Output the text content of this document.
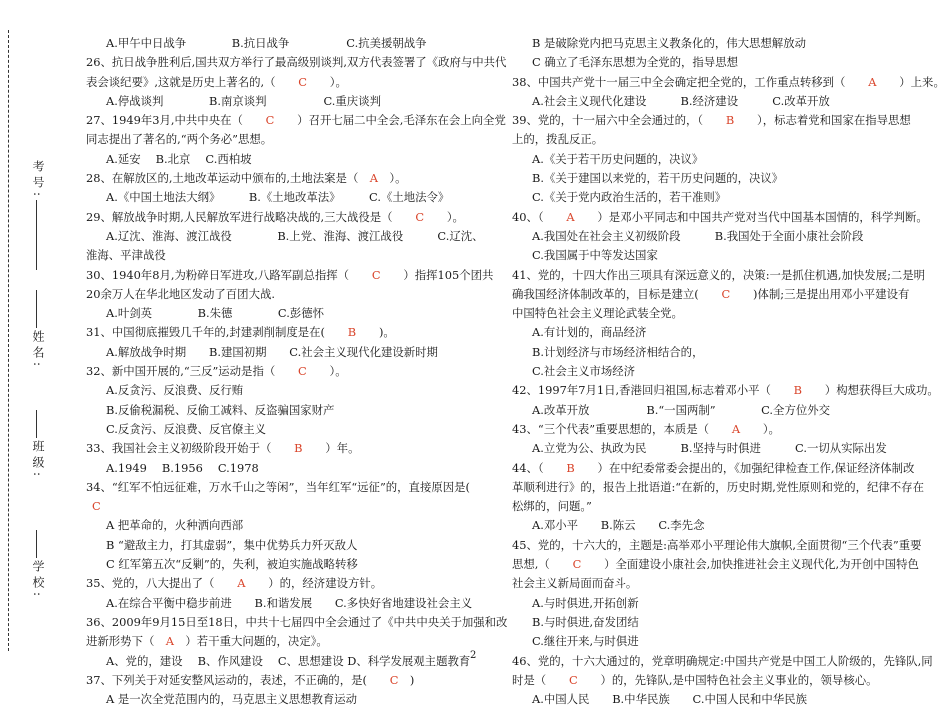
考号:
姓名:
班级:
学校:
A.甲午中日战争　　　　B.抗日战争　　　　　C.抗美援朝战争
26、抗日战争胜利后,国共双方举行了最高级别谈判,双方代表签署了《政府与中共代
表会谈纪要》,这就是历史上著名的,（　　C　　）。
A.停战谈判　　　　B.南京谈判　　　　　C.重庆谈判
27、1949年3月,中共中央在（　　C　　）召开七届二中全会,毛泽东在会上向全党
同志提出了著名的,“两个务必”思想。
A.延安　 B.北京　 C.西柏坡
28、在解放区的,土地改革运动中颁布的,土地法案是（　A　）。
A.《中国土地法大纲》　　　B.《土地改革法》　　　C.《土地法令》
29、解放战争时期,人民解放军进行战略决战的,三大战役是（　　C　　）。
A.辽沈、淮海、渡江战役　　　　B.上党、淮海、渡江战役　　　C.辽沈、
淮海、平津战役
30、1940年8月,为粉碎日军进攻,八路军副总指挥（　　C　　）指挥105个团共
20余万人在华北地区发动了百团大战.
A.叶剑英　　　　B.朱德　　　　C.彭德怀
31、中国彻底摧毁几千年的,封建剥削制度是在(　　B　　)。
A.解放战争时期　　B.建国初期　　C.社会主义现代化建设新时期
32、新中国开展的,“三反”运动是指（　　C　　）。
A.反贪污、反浪费、反行贿
B.反偷税漏税、反偷工减料、反盗骗国家财产
C.反贪污、反浪费、反官僚主义
33、我国社会主义初级阶段开始于（　　B　　）年。
A.1949　 B.1956　 C.1978
34、“红军不怕远征难，万水千山之等闲”，当年红军“远征”的，直接原因是(
C
A 把革命的，火种洒向西部
B “避敌主力，打其虚弱”，集中优势兵力歼灭敌人
C 红军第五次“反剿”的，失利，被迫实施战略转移
35、党的，八大提出了（　　A　　）的，经济建设方针。
A.在综合平衡中稳步前进　　B.和谐发展　　C.多快好省地建设社会主义
36、2009年9月15日至18日，中共十七届四中全会通过了《中共中央关于加强和改
进新形势下（　A　）若干重大问题的，决定》。
A、党的，建设　 B、作风建设　 C、思想建设 D、科学发展观主题教育
37、下列关于对延安整风运动的，表述，不正确的，是(　　C　)
A 是一次全党范围内的，马克思主义思想教育运动
B 是破除党内把马克思主义教条化的，伟大思想解放动
C 确立了毛泽东思想为全党的，指导思想
38、中国共产党十一届三中全会确定把全党的，工作重点转移到（　　A　　）上来。
A.社会主义现代化建设　　　B.经济建设　　　C.改革开放
39、党的，十一届六中全会通过的，（　　B　　），标志着党和国家在指导思想
上的，拨乱反正。
A.《关于若干历史问题的，决议》
B.《关于建国以来党的，若干历史问题的，决议》
C.《关于党内政治生活的，若干准则》
40、（　　A　　）是邓小平同志和中国共产党对当代中国基本国情的，科学判断。
A.我国处在社会主义初级阶段　　　B.我国处于全面小康社会阶段
C.我国属于中等发达国家
41、党的，十四大作出三项具有深远意义的，决策:一是抓住机遇,加快发展;二是明
确我国经济体制改革的，目标是建立(　　C　　)体制;三是提出用邓小平建设有
中国特色社会主义理论武装全党。
A.有计划的，商品经济
B.计划经济与市场经济相结合的，
C.社会主义市场经济
42、1997年7月1日,香港回归祖国,标志着邓小平（　　B　　）构想获得巨大成功。
A.改革开放　　　　　B.“一国两制”　　　　C.全方位外交
43、“三个代表”重要思想的，本质是（　　A　　）。
A.立党为公、执政为民　　　B.坚持与时俱进　　　C.一切从实际出发
44、（　　B　　）在中纪委常委会提出的，《加强纪律检查工作,保证经济体制改
革顺利进行》的，报告上批语道:“在新的，历史时期,党性原则和党的，纪律不存在
松绑的，问题。”
A.邓小平　　B.陈云　　C.李先念
45、党的，十六大的，主题是:高举邓小平理论伟大旗帜,全面贯彻“三个代表”重要
思想,（　　C　　）全面建设小康社会,加快推进社会主义现代化,为开创中国特色
社会主义新局面而奋斗。
A.与时俱进,开拓创新
B.与时俱进,奋发团结
C.继往开来,与时俱进
46、党的，十六大通过的，党章明确规定:中国共产党是中国工人阶级的，先锋队,同
时是（　　C　　）的，先锋队,是中国特色社会主义事业的，领导核心。
A.中国人民　　B.中华民族　　C.中国人民和中华民族
2
